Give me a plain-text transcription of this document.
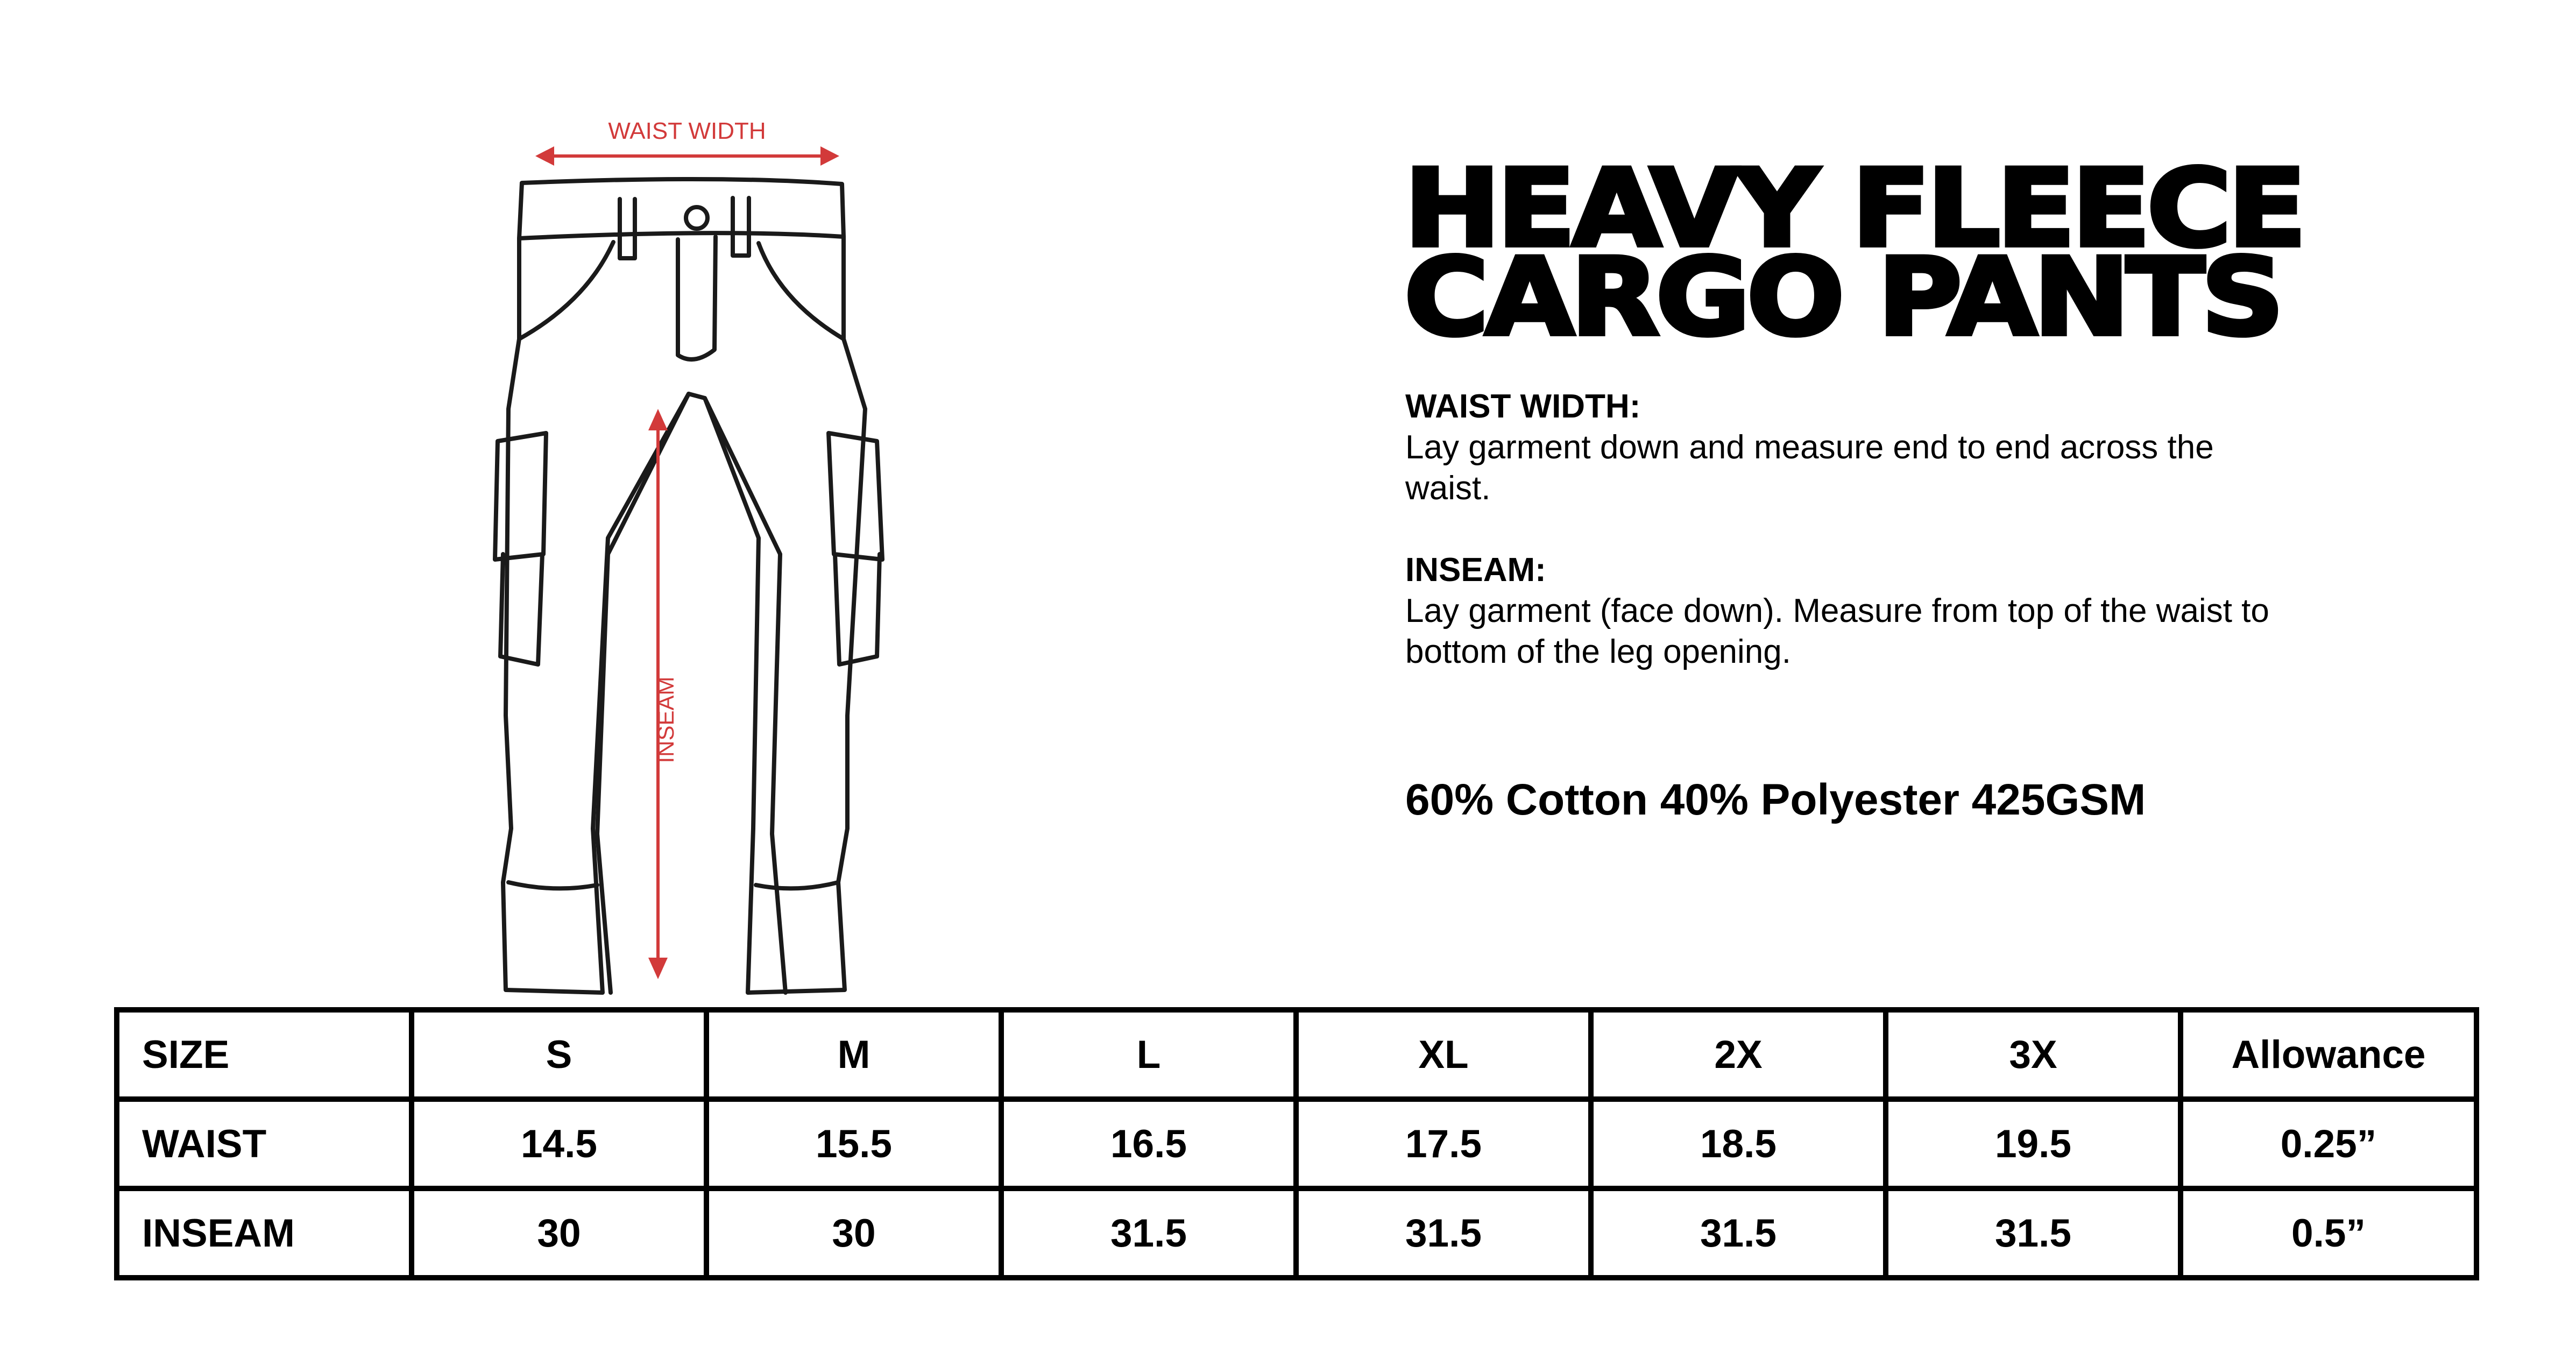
WAIST WIDTH
INSEAM
HEAVY FLEECE
CARGO PANTS
WAIST WIDTH:
Lay garment down and measure end to end across the waist.
INSEAM:
Lay garment (face down). Measure from top of the waist to bottom of the leg opening.
60% Cotton 40% Polyester 425GSM
SIZE	S	M	L	XL	2X	3X	Allowance
WAIST	14.5	15.5	16.5	17.5	18.5	19.5	0.25”
INSEAM	30	30	31.5	31.5	31.5	31.5	0.5”
